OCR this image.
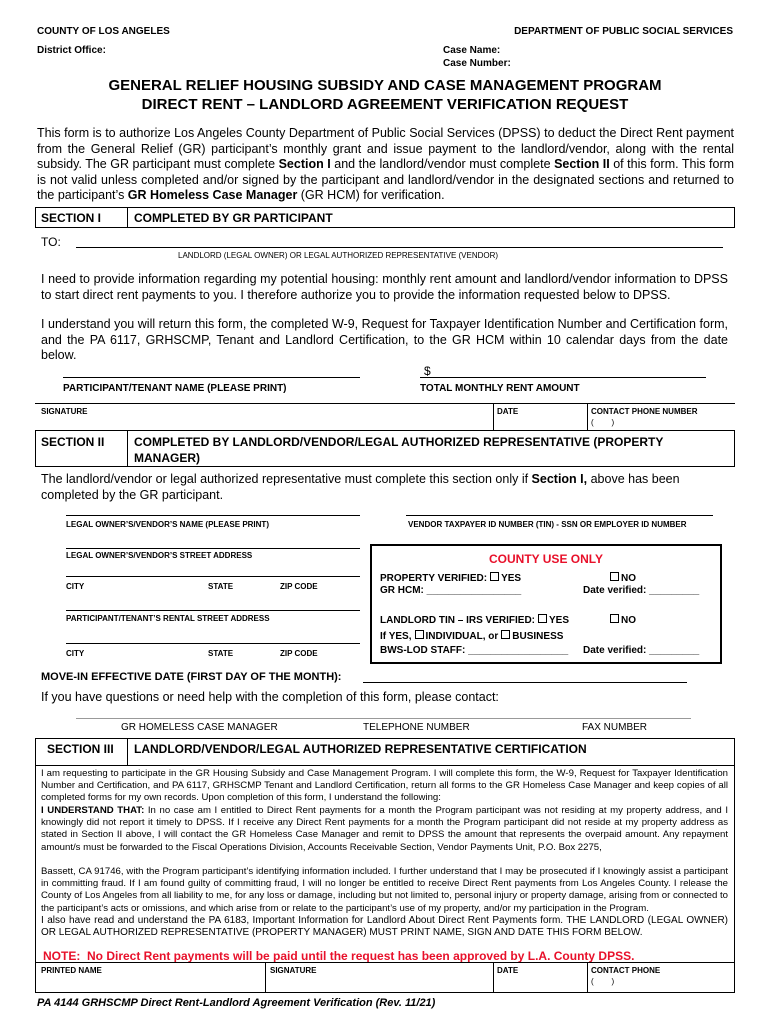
COUNTY OF LOS ANGELES	DEPARTMENT OF PUBLIC SOCIAL SERVICES
District Office:	Case Name:
Case Number:
GENERAL RELIEF HOUSING SUBSIDY AND CASE MANAGEMENT PROGRAM
DIRECT RENT – LANDLORD AGREEMENT VERIFICATION REQUEST
This form is to authorize Los Angeles County Department of Public Social Services (DPSS) to deduct the Direct Rent payment from the General Relief (GR) participant’s monthly grant and issue payment to the landlord/vendor, along with the rental subsidy. The GR participant must complete Section I and the landlord/vendor must complete Section II of this form. This form is not valid unless completed and/or signed by the participant and landlord/vendor in the designated sections and returned to the participant’s GR Homeless Case Manager (GR HCM) for verification.
SECTION I	COMPLETED BY GR PARTICIPANT
TO:
LANDLORD (LEGAL OWNER) OR LEGAL AUTHORIZED REPRESENTATIVE (VENDOR)
I need to provide information regarding my potential housing: monthly rent amount and landlord/vendor information to DPSS to start direct rent payments to you. I therefore authorize you to provide the information requested below to DPSS.
I understand you will return this form, the completed W-9, Request for Taxpayer Identification Number and Certification form, and the PA 6117, GRHSCMP, Tenant and Landlord Certification, to the GR HCM within 10 calendar days from the date below.
$
PARTICIPANT/TENANT NAME (PLEASE PRINT)	TOTAL MONTHLY RENT AMOUNT
SIGNATURE	DATE	CONTACT PHONE NUMBER
(        )
SECTION II COMPLETED BY LANDLORD/VENDOR/LEGAL AUTHORIZED REPRESENTATIVE (PROPERTY
MANAGER)
The landlord/vendor or legal authorized representative must complete this section only if Section I, above has been completed by the GR participant.
LEGAL OWNER’S/VENDOR’S NAME (PLEASE PRINT)	VENDOR TAXPAYER ID NUMBER (TIN) - SSN OR EMPLOYER ID NUMBER
LEGAL OWNER’S/VENDOR’S STREET ADDRESS
CITY	STATE	ZIP CODE
PARTICIPANT/TENANT’S RENTAL STREET ADDRESS
CITY	STATE	ZIP CODE
COUNTY USE ONLY
PROPERTY VERIFIED: YES	NO
GR HCM: _________________	Date verified: _________
LANDLORD TIN – IRS VERIFIED: YES	NO
If YES, INDIVIDUAL, or BUSINESS
BWS-LOD STAFF: __________________ Date verified: _________
MOVE-IN EFFECTIVE DATE (FIRST DAY OF THE MONTH):
If you have questions or need help with the completion of this form, please contact:
GR HOMELESS CASE MANAGER	TELEPHONE NUMBER	FAX NUMBER
SECTION III LANDLORD/VENDOR/LEGAL AUTHORIZED REPRESENTATIVE CERTIFICATION
I am requesting to participate in the GR Housing Subsidy and Case Management Program. I will complete this form, the W-9, Request for Taxpayer Identification Number and Certification, and PA 6117, GRHSCMP Tenant and Landlord Certification, return all forms to the GR Homeless Case Manager and keep copies of all completed forms for my own records. Upon completion of this form, I understand the following:
I UNDERSTAND THAT: In no case am I entitled to Direct Rent payments for a month the Program participant was not residing at my property address, and I knowingly did not report it timely to DPSS. If I receive any Direct Rent payments for a month the Program participant did not reside at my property address as stated in Section II above, I will contact the GR Homeless Case Manager and remit to DPSS the amount that represents the overpaid amount. Any repayment amount/s must be forwarded to the Fiscal Operations Division, Accounts Receivable Section, Vendor Payments Unit, P.O. Box 2275,
Bassett, CA 91746, with the Program participant’s identifying information included. I further understand that I may be prosecuted if I knowingly assist a participant in committing fraud. If I am found guilty of committing fraud, I will no longer be entitled to receive Direct Rent payments from Los Angeles County. I release the County of Los Angeles from all liability to me, for any loss or damage, including but not limited to, personal injury or property damage, arising from or connected to the participant’s acts or omissions, and which arise from or relate to the participant’s use of my property, and/or my participation in the Program.
I also have read and understand the PA 6183, Important Information for Landlord About Direct Rent Payments form. THE LANDLORD (LEGAL OWNER) OR LEGAL AUTHORIZED REPRESENTATIVE (PROPERTY MANAGER) MUST PRINT NAME, SIGN AND DATE THIS FORM BELOW.
NOTE:  No Direct Rent payments will be paid until the request has been approved by L.A. County DPSS.
PRINTED NAME	SIGNATURE	DATE	CONTACT PHONE
(        )
PA 4144 GRHSCMP Direct Rent-Landlord Agreement Verification (Rev. 11/21)
